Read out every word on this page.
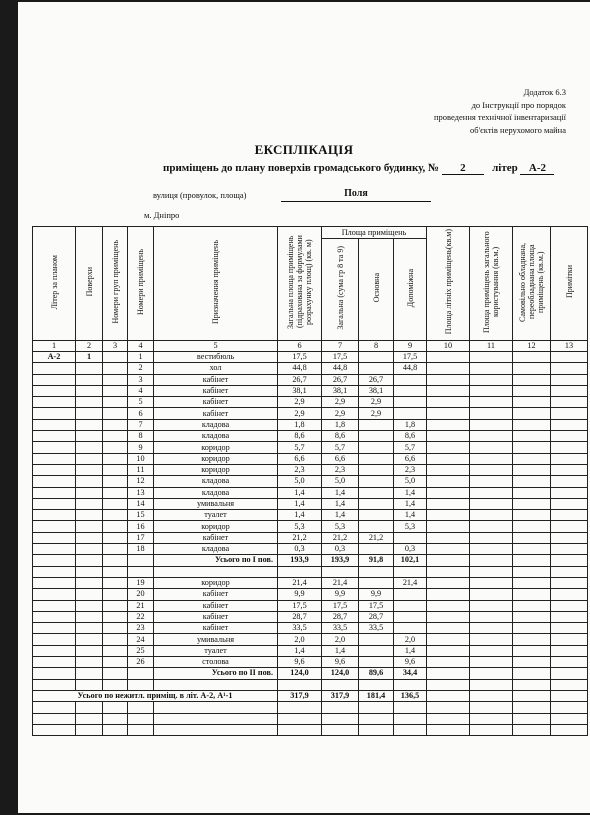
Додаток 6.3
до Інструкції про порядок
проведення технічної інвентаризації
об'єктів нерухомого майна
ЕКСПЛІКАЦІЯ
приміщень до плану поверхів громадського будинку, № 2 літер А-2
вулиця (провулок, площа)	Поля
м. Дніпро
Літер за планом	Поверхи	Номери груп приміщень	Номери приміщень	Призначення приміщень	Загальна площа приміщень (підрахована за формулами розрахунку площ) (кв. м)	Площа приміщень			Площа літніх приміщень(кв.м)	Площа приміщень загального користування (кв.м.)	Самовільно обладнана, переобладнана площа приміщень (кв.м.)	Примітки
						Загальна (сума гр 8 та 9)	Основна	Допоміжна				
1	2	3	4	5	6	7	8	9	10	11	12	13
А-2	1		1	вестибюль	17,5	17,5		17,5				
			2	хол	44,8	44,8		44,8				
			3	кабінет	26,7	26,7	26,7					
			4	кабінет	38,1	38,1	38,1					
			5	кабінет	2,9	2,9	2,9					
			6	кабінет	2,9	2,9	2,9					
			7	кладова	1,8	1,8		1,8				
			8	кладова	8,6	8,6		8,6				
			9	коридор	5,7	5,7		5,7				
			10	коридор	6,6	6,6		6,6				
			11	коридор	2,3	2,3		2,3				
			12	кладова	5,0	5,0		5,0				
			13	кладова	1,4	1,4		1,4				
			14	умивальня	1,4	1,4		1,4				
			15	туалет	1,4	1,4		1,4				
			16	коридор	5,3	5,3		5,3				
			17	кабінет	21,2	21,2	21,2					
			18	кладова	0,3	0,3		0,3				
				Усього по І пов.	193,9	193,9	91,8	102,1				

			19	коридор	21,4	21,4		21,4				
			20	кабінет	9,9	9,9	9,9					
			21	кабінет	17,5	17,5	17,5					
			22	кабінет	28,7	28,7	28,7					
			23	кабінет	33,5	33,5	33,5					
			24	умивальня	2,0	2,0		2,0				
			25	туалет	1,4	1,4		1,4				
			26	столова	9,6	9,6		9,6				
				Усього по ІІ пов.	124,0	124,0	89,6	34,4				

Усього по нежитл. приміщ. в літ. А-2, А¹-1					317,9	317,9	181,4	136,5				
